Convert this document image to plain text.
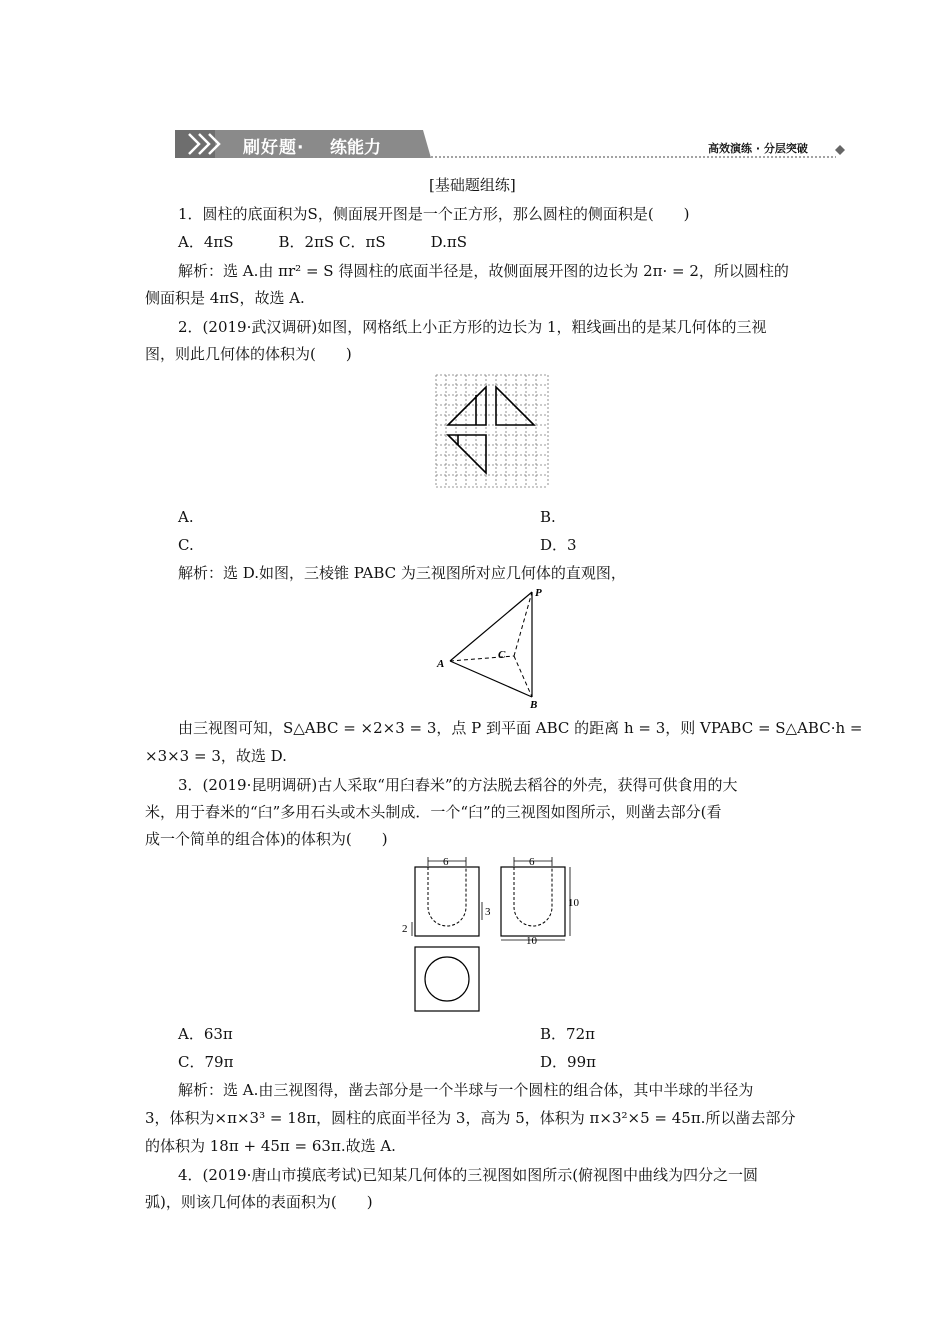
刷好题· 练能力	高效演练 · 分层突破
[基础题组练]
1．圆柱的底面积为S，侧面展开图是一个正方形，那么圆柱的侧面积是(　　)
A．4πS　　　B．2πS C．πS　　　D.πS
解析：选 A.由 πr² = S 得圆柱的底面半径是，故侧面展开图的边长为 2π· = 2，所以圆柱的
侧面积是 4πS，故选 A.
2．(2019·武汉调研)如图，网格纸上小正方形的边长为 1，粗线画出的是某几何体的三视
图，则此几何体的体积为(　　)
A.	B.
C.	D．3
解析：选 D.如图，三棱锥 PABC 为三视图所对应几何体的直观图，
P
A
B
C
由三视图可知，S△ABC = ×2×3 = 3，点 P 到平面 ABC 的距离 h = 3，则 VPABC = S△ABC·h =
×3×3 = 3，故选 D.
3．(2019·昆明调研)古人采取“用臼舂米”的方法脱去稻谷的外壳，获得可供食用的大
米，用于舂米的“臼”多用石头或木头制成．一个“臼”的三视图如图所示，则凿去部分(看
成一个简单的组合体)的体积为(　　)
6	6
3
2
10
10
A．63π	B．72π
C．79π	D．99π
解析：选 A.由三视图得，凿去部分是一个半球与一个圆柱的组合体，其中半球的半径为
3，体积为×π×3³ = 18π，圆柱的底面半径为 3，高为 5，体积为 π×3²×5 = 45π.所以凿去部分
的体积为 18π + 45π = 63π.故选 A.
4．(2019·唐山市摸底考试)已知某几何体的三视图如图所示(俯视图中曲线为四分之一圆
弧)，则该几何体的表面积为(　　)
